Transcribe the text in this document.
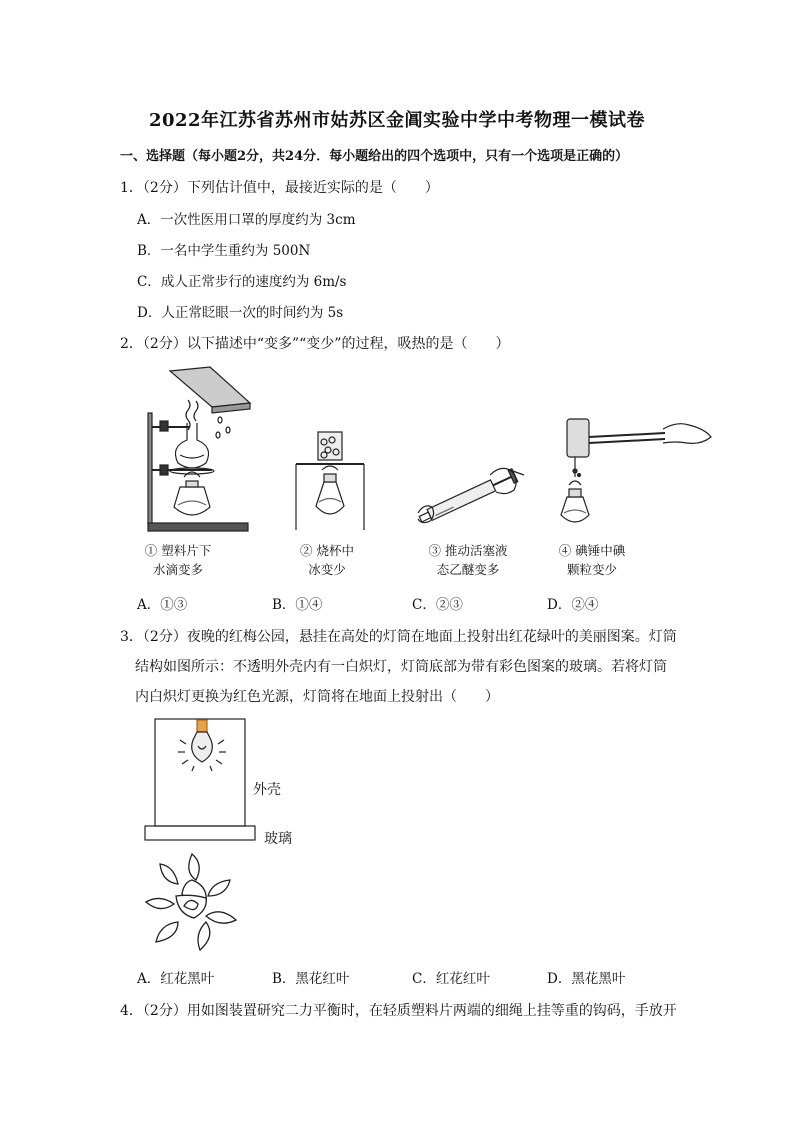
2022年江苏省苏州市姑苏区金阊实验中学中考物理一模试卷
一、选择题（每小题2分，共24分．每小题给出的四个选项中，只有一个选项是正确的）
1．（2分）下列估计值中，最接近实际的是（　　）
A．一次性医用口罩的厚度约为 3cm
B．一名中学生重约为 500N
C．成人正常步行的速度约为 6m/s
D．人正常眨眼一次的时间约为 5s
2．（2分）以下描述中“变多”“变少”的过程，吸热的是（　　）
① 塑料片下
水滴变多
② 烧杯中
冰变少
③ 推动活塞液
态乙醚变多
④ 碘锤中碘
颗粒变少
A．①③	B．①④	C．②③	D．②④
3．（2分）夜晚的红梅公园，悬挂在高处的灯筒在地面上投射出红花绿叶的美丽图案。灯筒
结构如图所示：不透明外壳内有一白炽灯，灯筒底部为带有彩色图案的玻璃。若将灯筒
内白炽灯更换为红色光源，灯筒将在地面上投射出（　　）
外壳
玻璃
A．红花黑叶	B．黑花红叶	C．红花红叶	D．黑花黑叶
4．（2分）用如图装置研究二力平衡时，在轻质塑料片两端的细绳上挂等重的钩码，手放开
